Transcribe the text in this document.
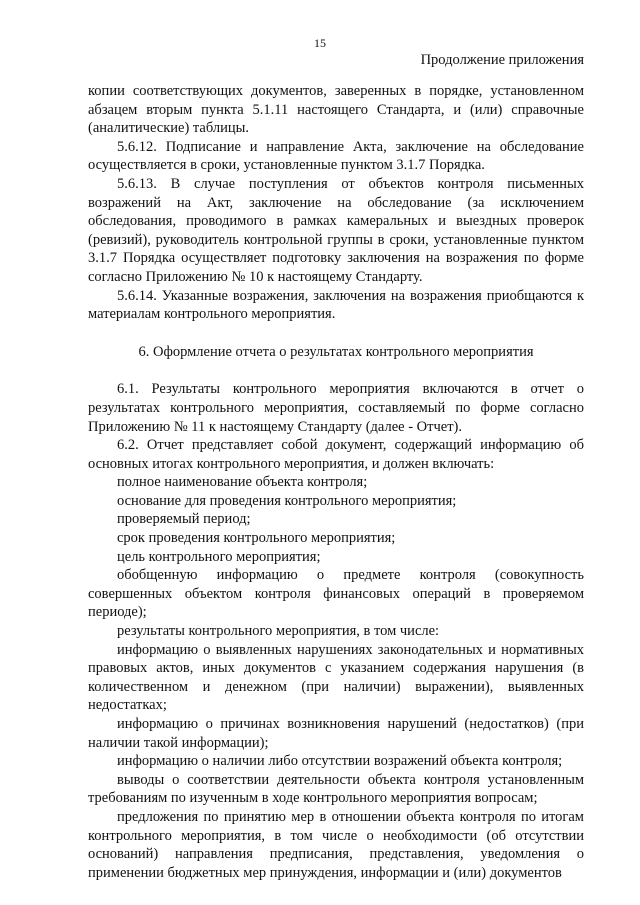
15
Продолжение приложения

копии соответствующих документов, заверенных в порядке, установленном абзацем вторым пункта 5.1.11 настоящего Стандарта, и (или) справочные (аналитические) таблицы.

5.6.12. Подписание и направление Акта, заключение на обследование осуществляется в сроки, установленные пунктом 3.1.7 Порядка.

5.6.13. В случае поступления от объектов контроля письменных возражений на Акт, заключение на обследование (за исключением обследования, проводимого в рамках камеральных и выездных проверок (ревизий), руководитель контрольной группы в сроки, установленные пунктом 3.1.7 Порядка осуществляет подготовку заключения на возражения по форме согласно Приложению № 10 к настоящему Стандарту.

5.6.14. Указанные возражения, заключения на возражения приобщаются к материалам контрольного мероприятия.

6. Оформление отчета о результатах контрольного мероприятия

6.1. Результаты контрольного мероприятия включаются в отчет о результатах контрольного мероприятия, составляемый по форме согласно Приложению № 11 к настоящему Стандарту (далее - Отчет).

6.2. Отчет представляет собой документ, содержащий информацию об основных итогах контрольного мероприятия, и должен включать:

полное наименование объекта контроля;

основание для проведения контрольного мероприятия;

проверяемый период;

срок проведения контрольного мероприятия;

цель контрольного мероприятия;

обобщенную информацию о предмете контроля (совокупность совершенных объектом контроля финансовых операций в проверяемом периоде);

результаты контрольного мероприятия, в том числе:

информацию о выявленных нарушениях законодательных и нормативных правовых актов, иных документов с указанием содержания нарушения (в количественном и денежном (при наличии) выражении), выявленных недостатках;

информацию о причинах возникновения нарушений (недостатков) (при наличии такой информации);

информацию о наличии либо отсутствии возражений объекта контроля;

выводы о соответствии деятельности объекта контроля установленным требованиям по изученным в ходе контрольного мероприятия вопросам;

предложения по принятию мер в отношении объекта контроля по итогам контрольного мероприятия, в том числе о необходимости (об отсутствии оснований) направления предписания, представления, уведомления о применении бюджетных мер принуждения, информации и (или) документов
